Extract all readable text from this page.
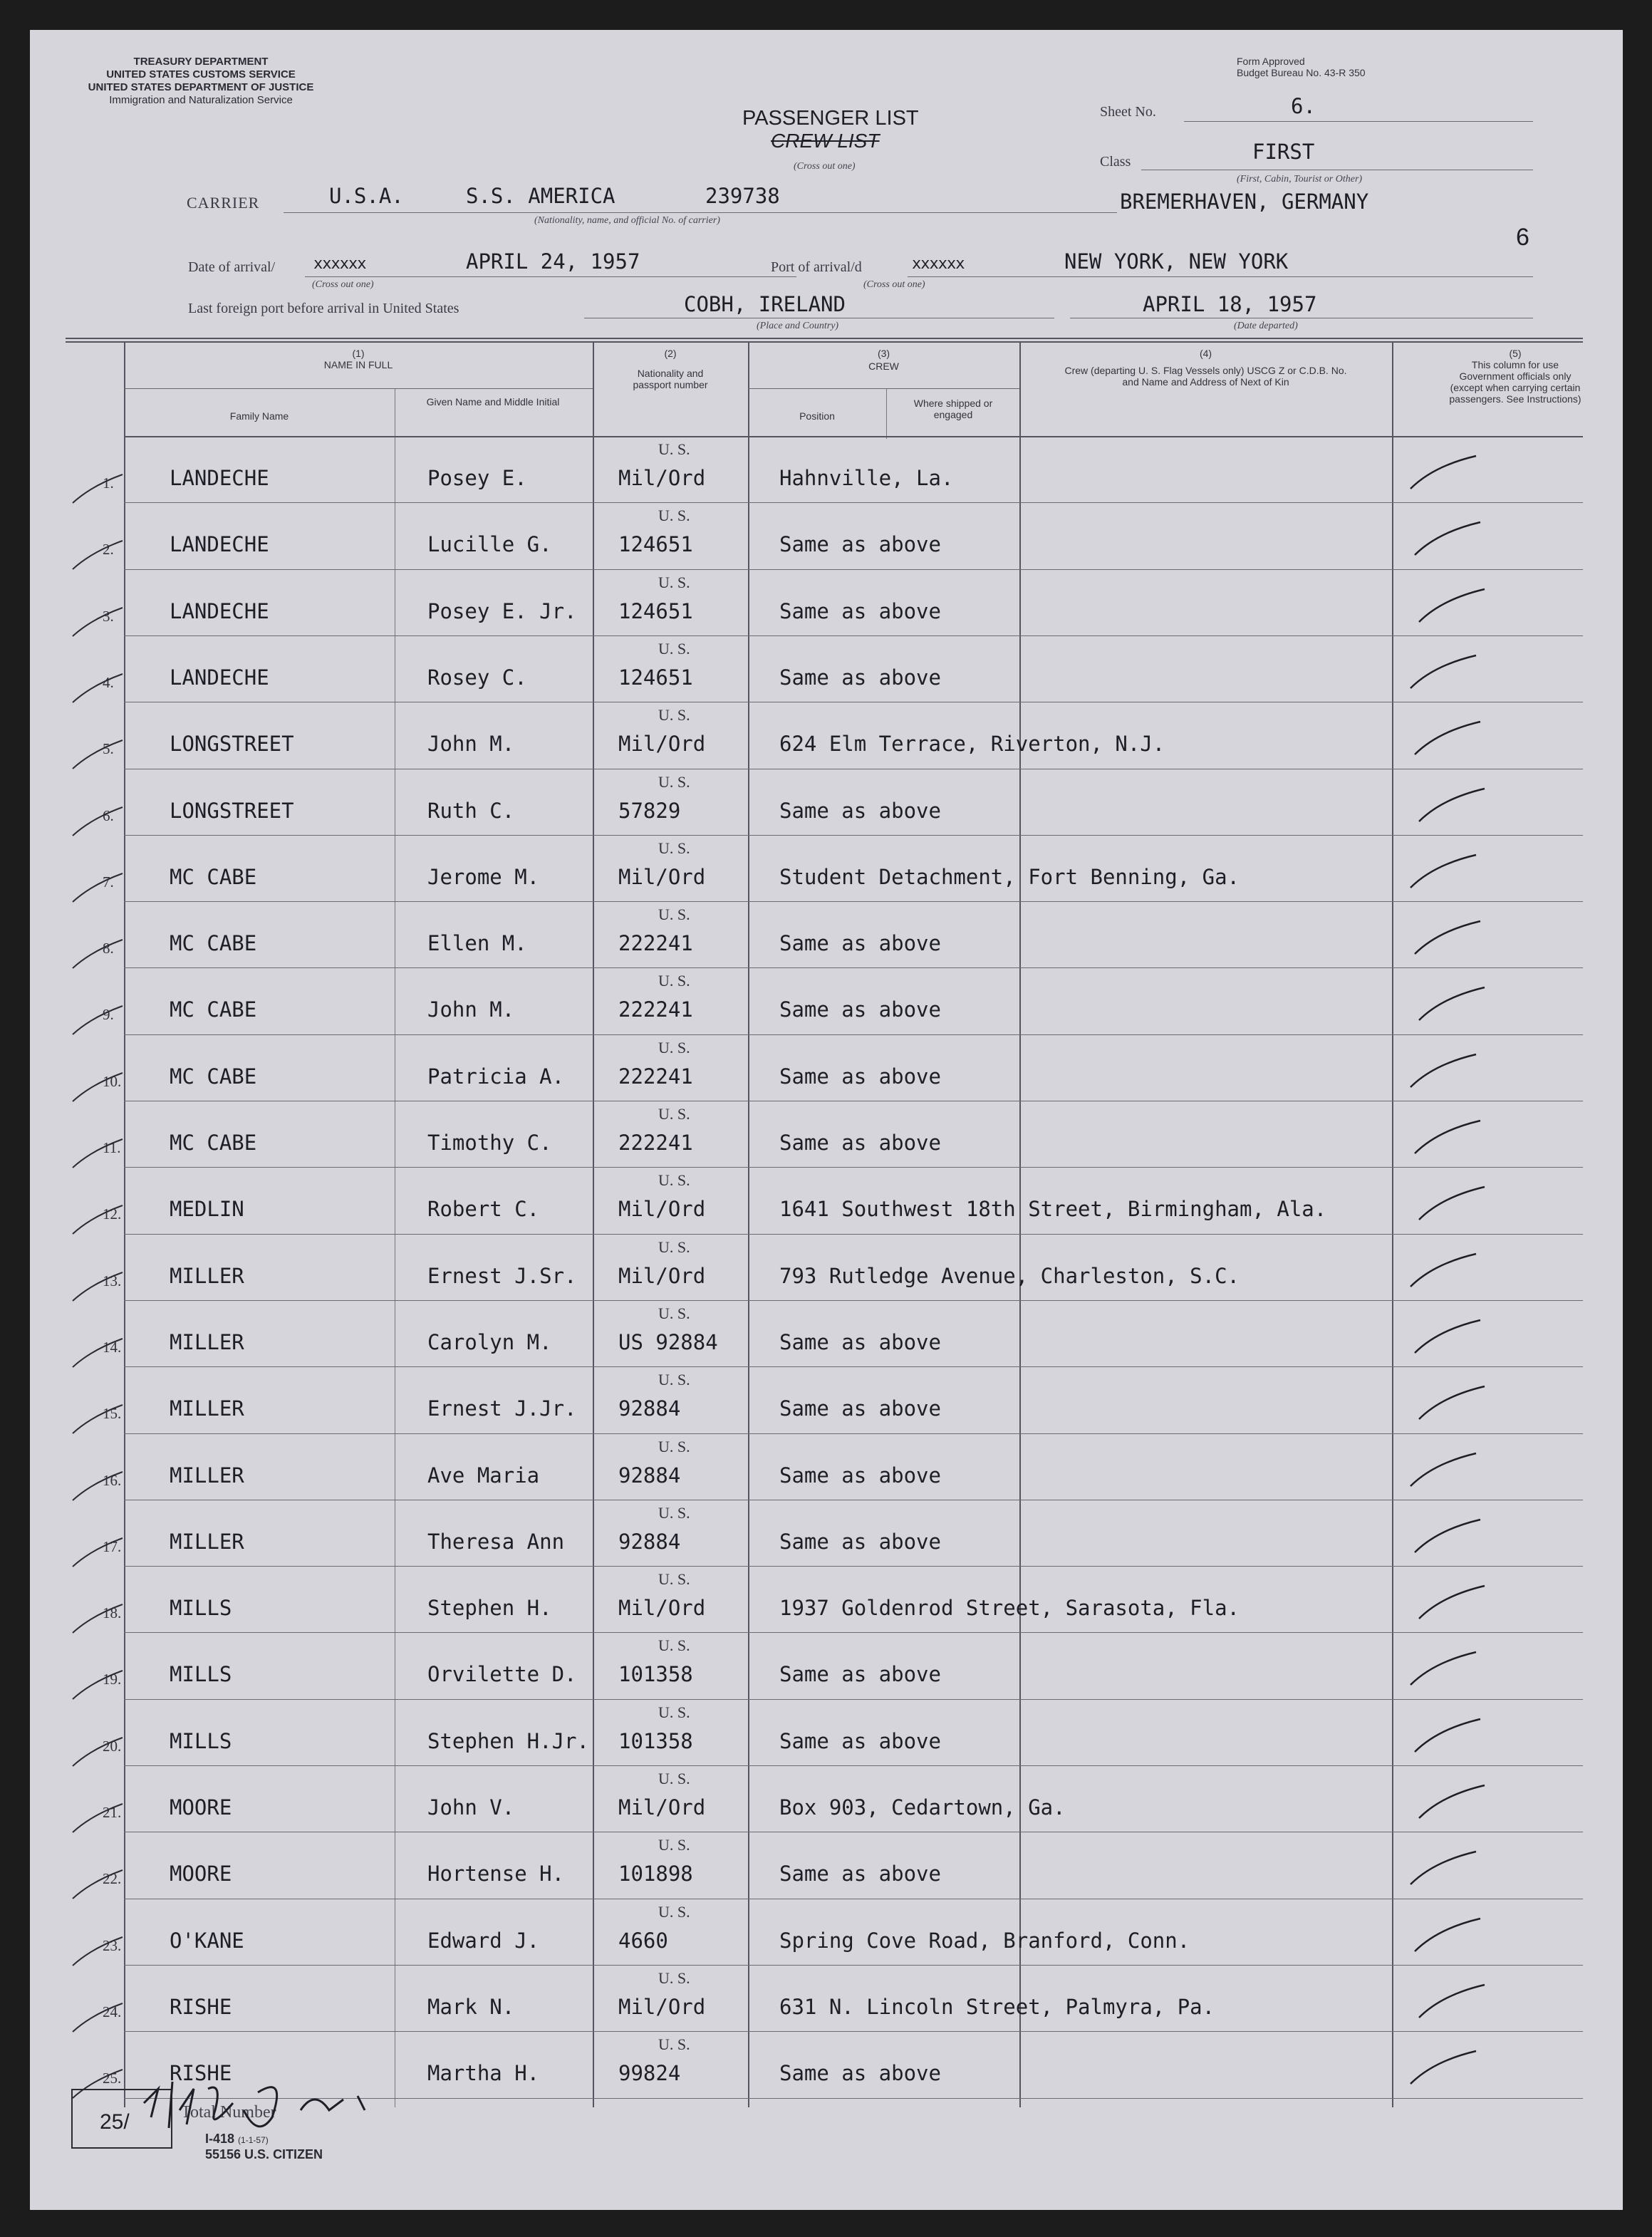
TREASURY DEPARTMENT
UNITED STATES CUSTOMS SERVICE
UNITED STATES DEPARTMENT OF JUSTICE
Immigration and Naturalization Service
Form Approved
Budget Bureau No. 43-R 350
PASSENGER LIST
CREW LIST
(Cross out one)
Sheet No.	6.
Class	FIRST
(First, Cabin, Tourist or Other)
CARRIER	U.S.A.	S.S. AMERICA	239738
(Nationality, name, and official No. of carrier)
BREMERHAVEN, GERMANY
6
Date of arrival/ xxxxxx	APRIL 24, 1957
(Cross out one)
Port of arrival/d	xxxxxx	NEW YORK, NEW YORK
(Cross out one)
Last foreign port before arrival in United States	COBH, IRELAND
(Place and Country)
APRIL 18, 1957
(Date departed)
(1)
NAME IN FULL
Family Name
Given Name and Middle Initial
(3)
CREW
(2)
Nationality and passport number
Position
Where shipped or engaged
(4)
Crew (departing U. S. Flag Vessels only) USCG Z or C.D.B. No. and Name and Address of Next of Kin
(5)
This column for use Government officials only (except when carrying certain passengers. See Instructions)
1.
U. S.
LANDECHE	Posey E.	Mil/Ord	Hahnville, La.
2.
U. S.
LANDECHE	Lucille G.	124651	Same as above
3.
U. S.
LANDECHE	Posey E. Jr. 124651	Same as above
4.
U. S.
LANDECHE	Rosey C.	124651	Same as above
5.
U. S.
LONGSTREET	John M.	Mil/Ord	624 Elm Terrace, Riverton, N.J.
6.
U. S.
LONGSTREET	Ruth C.	57829	Same as above
7.
U. S.
MC CABE	Jerome M.	Mil/Ord	Student Detachment, Fort Benning, Ga.
8.
U. S.
MC CABE	Ellen M.	222241	Same as above
9.
U. S.
MC CABE	John M.	222241	Same as above
10.
U. S.
MC CABE	Patricia A.	222241	Same as above
11.
U. S.
MC CABE	Timothy C.	222241	Same as above
12.
U. S.
MEDLIN	Robert C.	Mil/Ord	1641 Southwest 18th Street, Birmingham, Ala.
13.
U. S.
MILLER	Ernest J.Sr. Mil/Ord	793 Rutledge Avenue, Charleston, S.C.
14.
U. S.
MILLER	Carolyn M.	US 92884	Same as above
15.
U. S.
MILLER	Ernest J.Jr. 92884	Same as above
16.
U. S.
MILLER	Ave Maria	92884	Same as above
17.
U. S.
MILLER	Theresa Ann	92884	Same as above
18.
U. S.
MILLS	Stephen H.	Mil/Ord	1937 Goldenrod Street, Sarasota, Fla.
19.
U. S.
MILLS	Orvilette D. 101358	Same as above
20.
U. S.
MILLS	Stephen H.Jr. 101358	Same as above
21.
U. S.
MOORE	John V.	Mil/Ord	Box 903, Cedartown, Ga.
22.
U. S.
MOORE	Hortense H.	101898	Same as above
23.
U. S.
O'KANE	Edward J.	4660	Spring Cove Road, Branford, Conn.
24.
U. S.
RISHE	Mark N.	Mil/Ord	631 N. Lincoln Street, Palmyra, Pa.
25.
U. S.
RISHE	Martha H.	99824	Same as above
25/	Total Number
I-418 (1-1-57)
55156 U.S. CITIZEN
